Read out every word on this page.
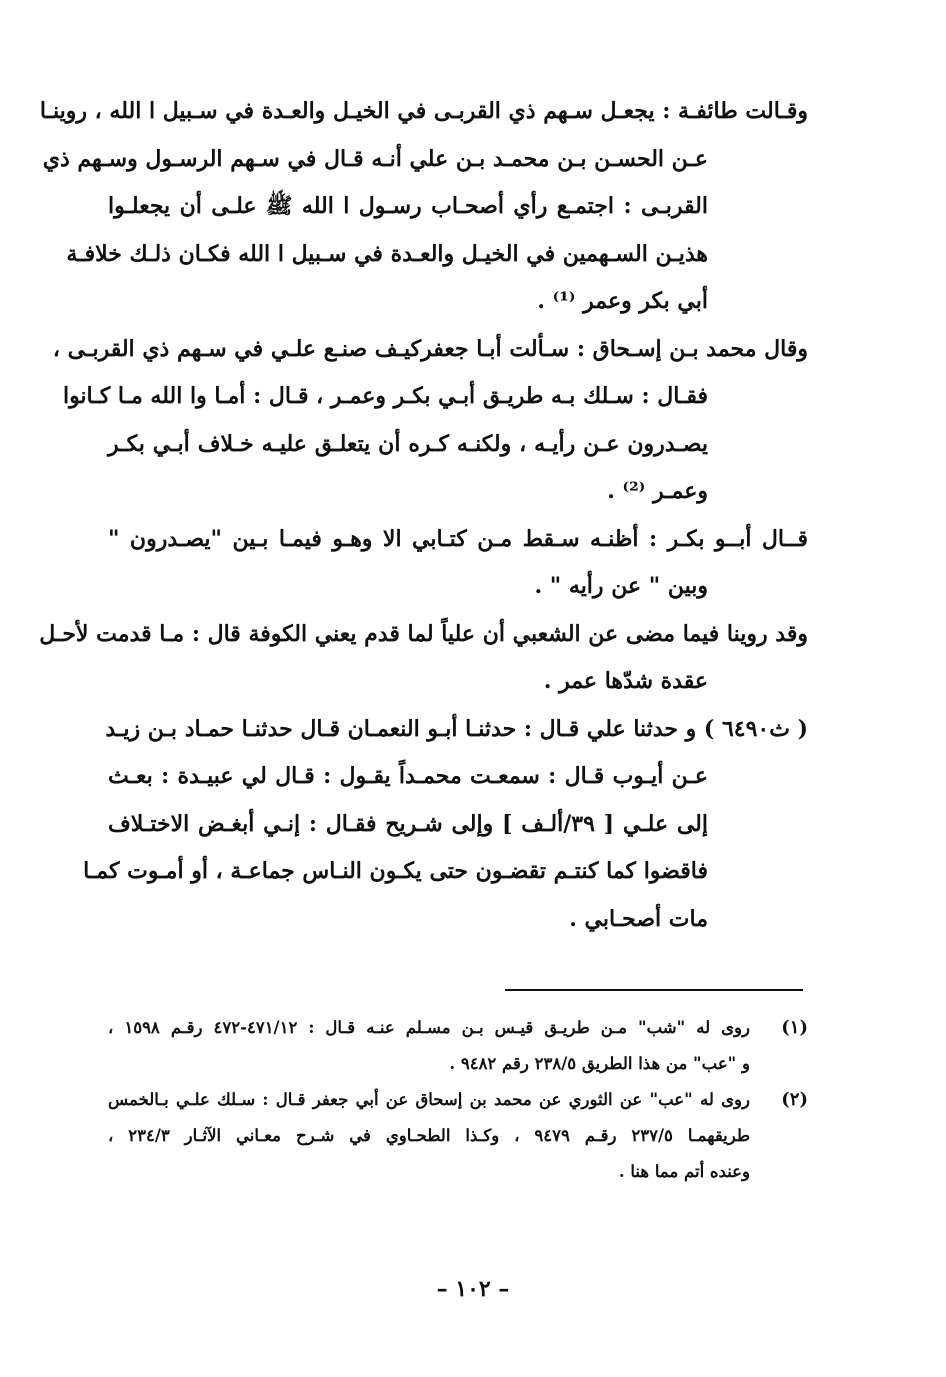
وقـالت طائفـة : يجعـل سـهم ذي القربـى في الخيـل والعـدة في سـبيل ا الله ، روينـا
عـن الحسـن بـن محمـد بـن علي أنـه قـال في سـهم الرسـول وسـهم ذي
القربـى : اجتمـع رأي أصحـاب رسـول ا الله ﷺ علـى أن يجعلـوا
هذيـن السـهمين في الخيـل والعـدة في سـبيل ا الله فكـان ذلـك خلافـة
أبي بكر وعمر ⁽¹⁾ .
وقال محمد بـن إسـحاق : سـألت أبـا جعفركيـف صنـع علـي في سـهم ذي القربـى ،
فقـال : سـلك بـه طريـق أبـي بكـر وعمـر ، قـال : أمـا وا الله مـا كـانوا
يصـدرون عـن رأيـه ، ولكنـه كـره أن يتعلـق عليـه خـلاف أبـي بكـر
وعمـر ⁽²⁾ .
قــال أبــو بكـر : أظنـه سـقط مـن كتـابي الا وهـو فيمـا بـين "يصـدرون "
وبين " عن رأيه " .
وقد روينا فيما مضى عن الشعبي أن علياً لما قدم يعني الكوفة قال : مـا قدمت لأحـل
عقدة شدّها عمر .
( ث٦٤٩٠ ) و حدثنا علي قـال : حدثنـا أبـو النعمـان قـال حدثنـا حمـاد بـن زيـد
عـن أيـوب قـال : سمعـت محمـداً يقـول : قـال لي عبيـدة : بعـث
إلى علـي [ ٣٩/ألـف ] وإلى شـريح فقـال : إنـي أبغـض الاختـلاف
فاقضوا كما كنتـم تقضـون حتى يكـون النـاس جماعـة ، أو أمـوت كمـا
مات أصحـابي .
(١)
روى له "شب" مـن طريـق قيـس بـن مسـلم عنـه قـال : ٤٧١/١٢-٤٧٢ رقـم ١٥٩٨ ،
و "عب" من هذا الطريق ٢٣٨/٥ رقم ٩٤٨٢ .
(٢)
روى له "عب" عن الثوري عن محمد بن إسحاق عن أبي جعفر قـال : سـلك علـي بـالخمس
طريقهمـا ٢٣٧/٥ رقـم ٩٤٧٩ ، وكـذا الطحـاوي في شـرح معـاني الآثـار ٢٣٤/٣ ،
وعنده أتم مما هنا .
– ١٠٢ –
